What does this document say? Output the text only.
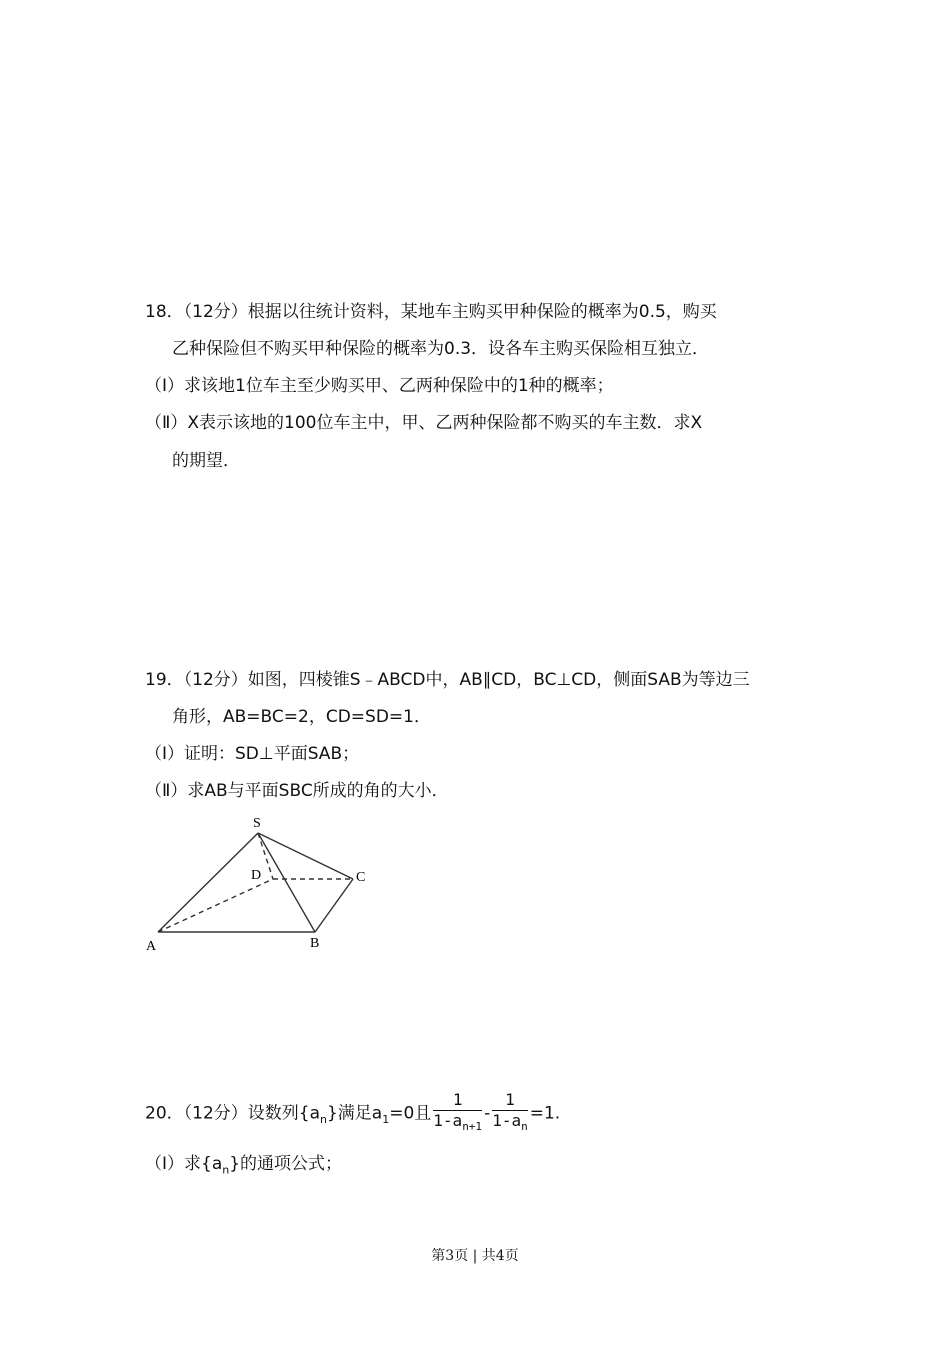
18．（12分）根据以往统计资料，某地车主购买甲种保险的概率为0.5，购买
乙种保险但不购买甲种保险的概率为0.3．设各车主购买保险相互独立．
（Ⅰ）求该地1位车主至少购买甲、乙两种保险中的1种的概率；
（Ⅱ）X表示该地的100位车主中，甲、乙两种保险都不购买的车主数．求X
的期望．
19．（12分）如图，四棱锥S﹣ABCD中，AB∥CD，BC⊥CD，侧面SAB为等边三
角形，AB=BC=2，CD=SD=1．
（Ⅰ）证明：SD⊥平面SAB；
（Ⅱ）求AB与平面SBC所成的角的大小．
S
D	C
A	B
20．（12分）设数列$\{a_n\}$满足$a_1=0$且 $\frac{1}{1-a_{n+1}} - \frac{1}{1-a_n} =1$.
（Ⅰ）求$\{a_n\}$的通项公式；
第3页 | 共4页
